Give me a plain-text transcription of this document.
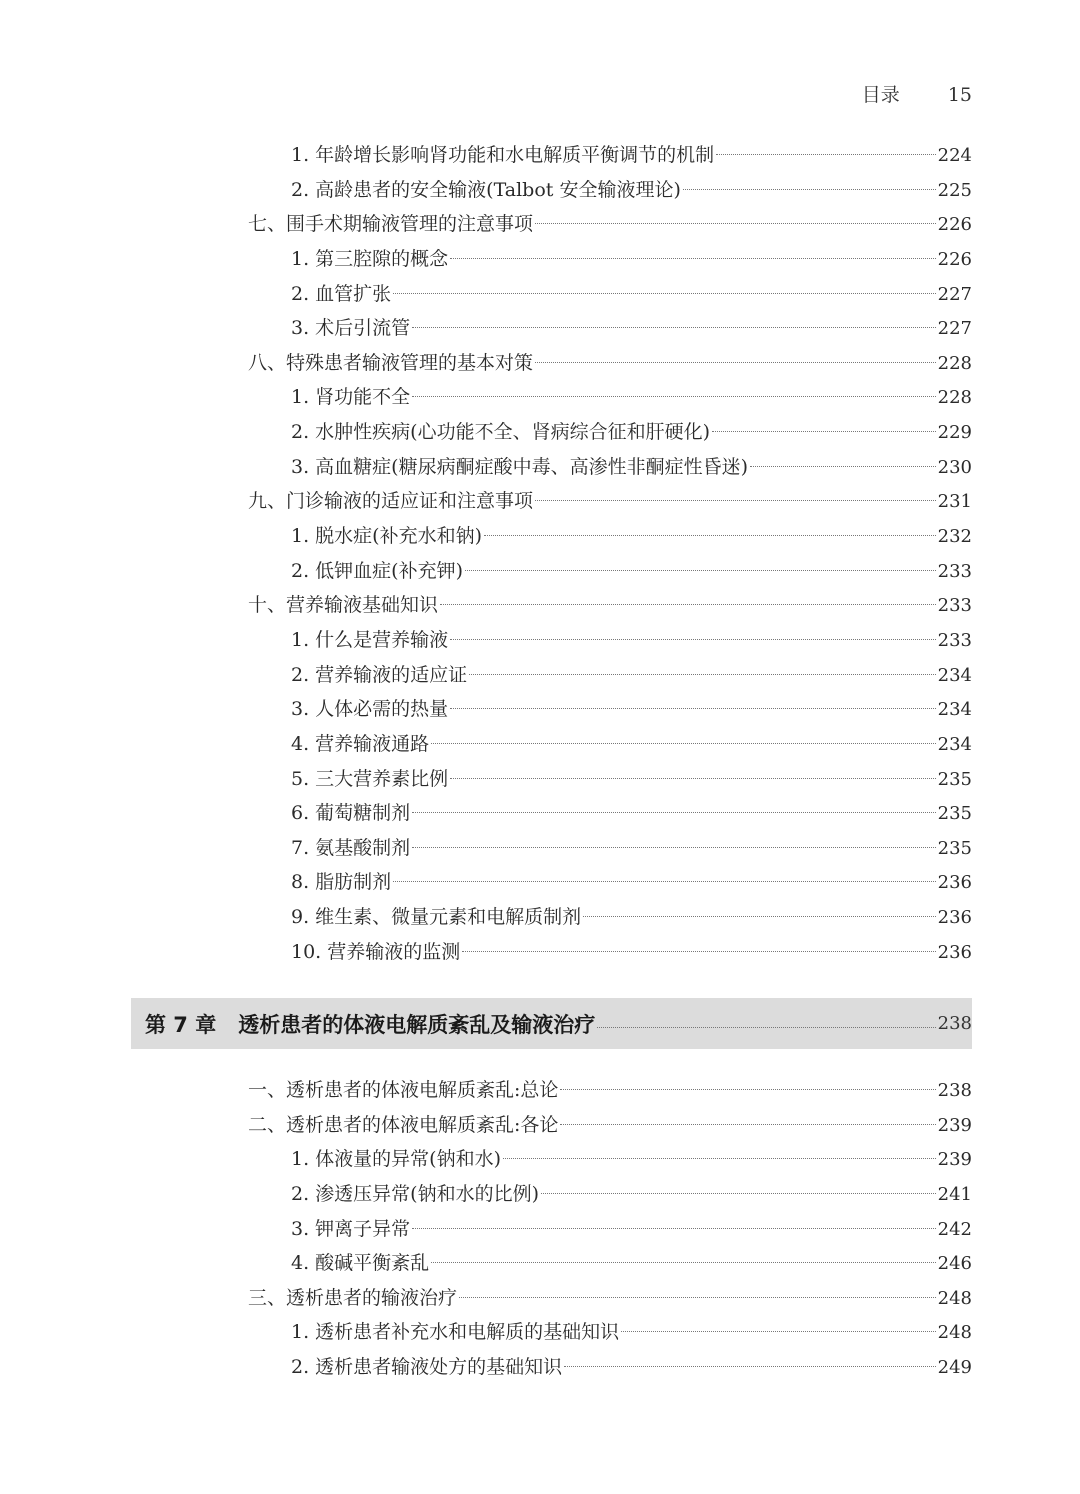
目录	15
1. 年龄增长影响肾功能和水电解质平衡调节的机制	224
2. 高龄患者的安全输液(Talbot 安全输液理论)	225
七、围手术期输液管理的注意事项	226
1. 第三腔隙的概念	226
2. 血管扩张	227
3. 术后引流管	227
八、特殊患者输液管理的基本对策	228
1. 肾功能不全	228
2. 水肿性疾病(心功能不全、肾病综合征和肝硬化)	229
3. 高血糖症(糖尿病酮症酸中毒、高渗性非酮症性昏迷)	230
九、门诊输液的适应证和注意事项	231
1. 脱水症(补充水和钠)	232
2. 低钾血症(补充钾)	233
十、营养输液基础知识	233
1. 什么是营养输液	233
2. 营养输液的适应证	234
3. 人体必需的热量	234
4. 营养输液通路	234
5. 三大营养素比例	235
6. 葡萄糖制剂	235
7. 氨基酸制剂	235
8. 脂肪制剂	236
9. 维生素、微量元素和电解质制剂	236
10. 营养输液的监测	236
第 7 章 透析患者的体液电解质紊乱及输液治疗	238
一、透析患者的体液电解质紊乱:总论	238
二、透析患者的体液电解质紊乱:各论	239
1. 体液量的异常(钠和水)	239
2. 渗透压异常(钠和水的比例)	241
3. 钾离子异常	242
4. 酸碱平衡紊乱	246
三、透析患者的输液治疗	248
1. 透析患者补充水和电解质的基础知识	248
2. 透析患者输液处方的基础知识	249
